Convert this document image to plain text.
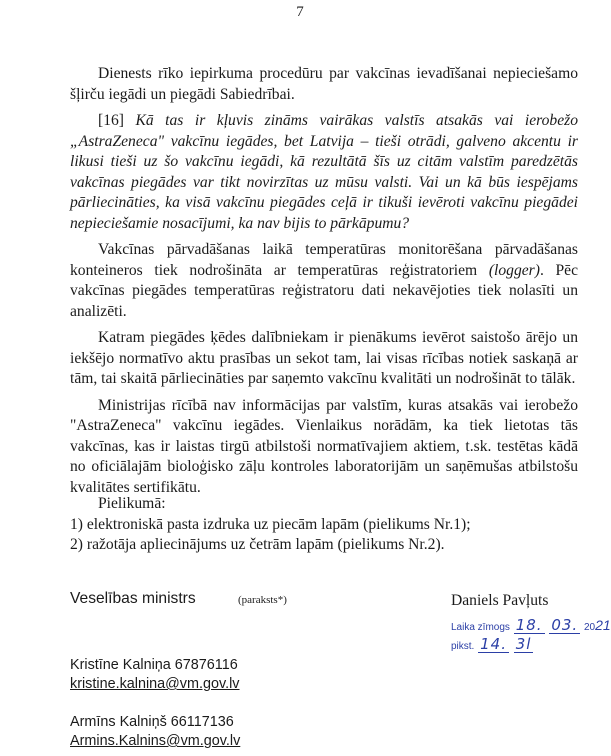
7

Dienests rīko iepirkuma procedūru par vakcīnas ievadīšanai nepieciešamo šļirču iegādi un piegādi Sabiedrībai.

[16] Kā tas ir kļuvis zināms vairākas valstīs atsakās vai ierobežo „AstraZeneca" vakcīnu iegādes, bet Latvija – tieši otrādi, galveno akcentu ir likusi tieši uz šo vakcīnu iegādi, kā rezultātā šīs uz citām valstīm paredzētās vakcīnas piegādes var tikt novirzītas uz mūsu valsti. Vai un kā būs iespējams pārliecināties, ka visā vakcīnu piegādes ceļā ir tikuši ievēroti vakcīnu piegādei nepieciešamie nosacījumi, ka nav bijis to pārkāpumu?

Vakcīnas pārvadāšanas laikā temperatūras monitorēšana pārvadāšanas konteineros tiek nodrošināta ar temperatūras reģistratoriem (logger). Pēc vakcīnas piegādes temperatūras reģistratoru dati nekavējoties tiek nolasīti un analizēti.

Katram piegādes ķēdes dalībniekam ir pienākums ievērot saistošo ārējo un iekšējo normatīvo aktu prasības un sekot tam, lai visas rīcības notiek saskaņā ar tām, tai skaitā pārliecināties par saņemto vakcīnu kvalitāti un nodrošināt to tālāk.

Ministrijas rīcībā nav informācijas par valstīm, kuras atsakās vai ierobežo "AstraZeneca" vakcīnu iegādes. Vienlaikus norādām, ka tiek lietotas tās vakcīnas, kas ir laistas tirgū atbilstoši normatīvajiem aktiem, t.sk. testētas kādā no oficiālajām bioloģisko zāļu kontroles laboratorijām un saņēmušas atbilstošu kvalitātes sertifikātu.

Pielikumā:
1) elektroniskā pasta izdruka uz piecām lapām (pielikums Nr.1);
2) ražotāja apliecinājums uz četrām lapām (pielikums Nr.2).
Veselības ministrs	(paraksts*)	Daniels Pavļuts
Laika zīmogs 18. 03. 2021
pikst. 14. 3l
Kristīne Kalniņa 67876116
kristine.kalnina@vm.gov.lv
Armīns Kalniņš 66117136
Armins.Kalnins@vm.gov.lv
